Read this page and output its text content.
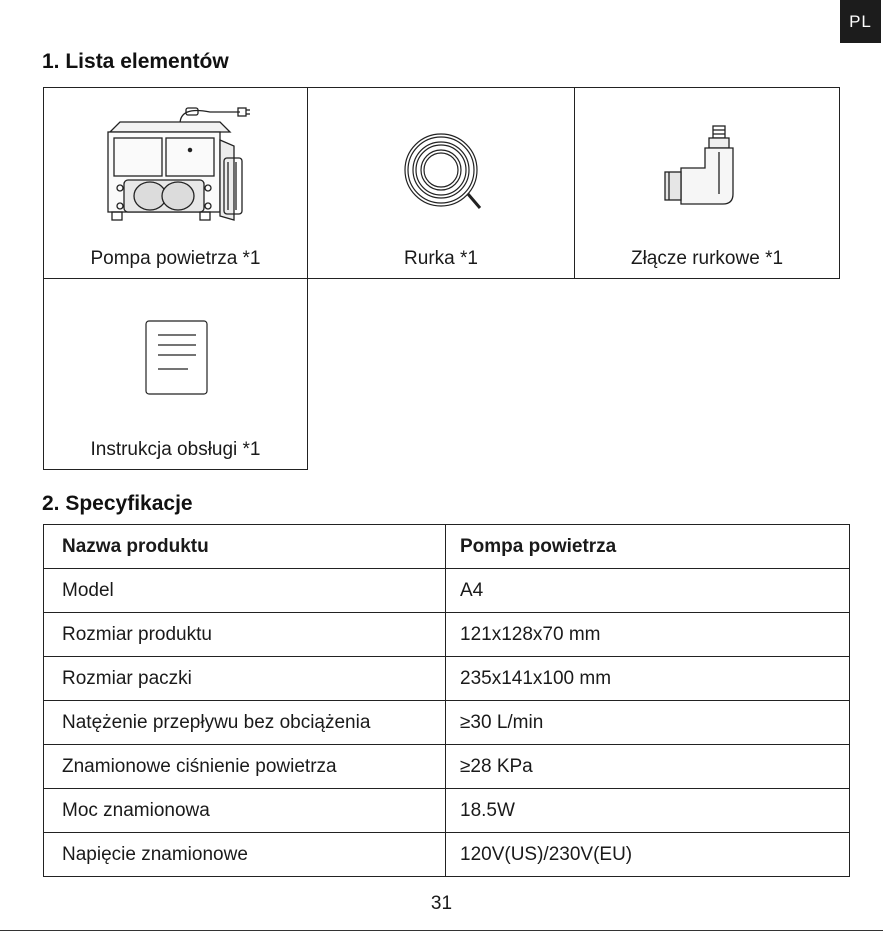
PL
1. Lista elementów
Pompa powietrza *1	Rurka *1	Złącze rurkowe *1
Instrukcja obsługi *1
2. Specyfikacje
Nazwa produktu	Pompa powietrza
Model	A4
Rozmiar produktu	121x128x70 mm
Rozmiar paczki	235x141x100 mm
Natężenie przepływu bez obciążenia	≥30 L/min
Znamionowe ciśnienie powietrza	≥28 KPa
Moc znamionowa	18.5W
Napięcie znamionowe	120V(US)/230V(EU)
31
